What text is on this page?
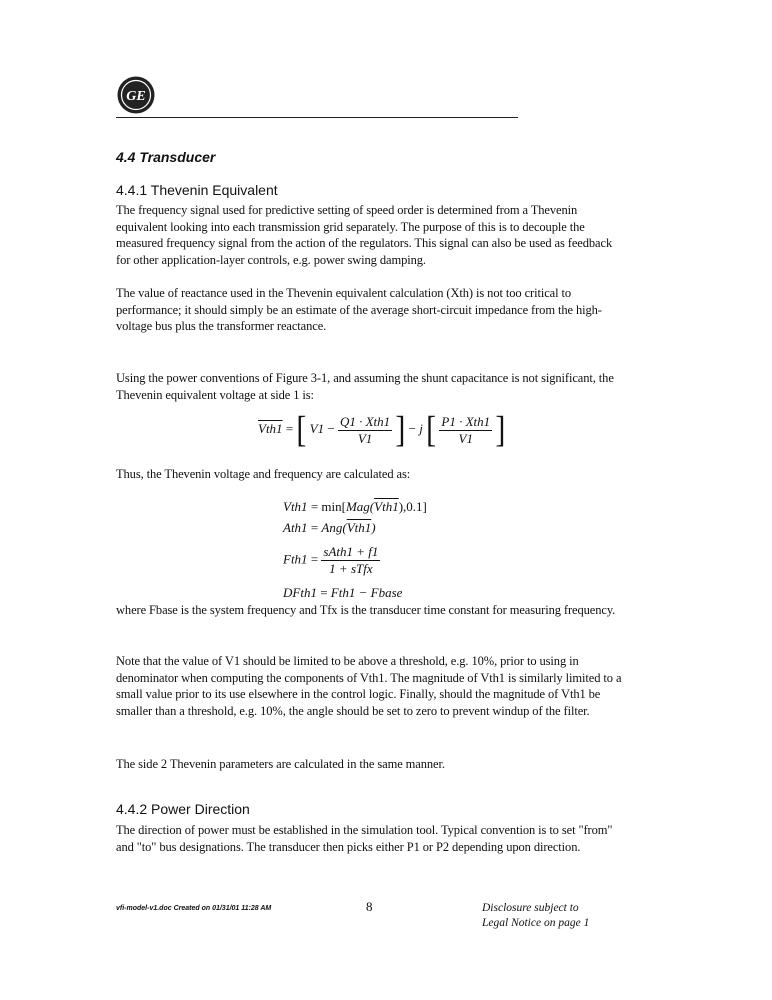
GE
4.4 Transducer
4.4.1 Thevenin Equivalent

The frequency signal used for predictive setting of speed order is determined from a Thevenin equivalent looking into each transmission grid separately. The purpose of this is to decouple the measured frequency signal from the action of the regulators. This signal can also be used as feedback for other application-layer controls, e.g. power swing damping.

The value of reactance used in the Thevenin equivalent calculation (Xth) is not too critical to performance; it should simply be an estimate of the average short-circuit impedance from the high-voltage bus plus the transformer reactance.

Using the power conventions of Figure 3-1, and assuming the shunt capacitance is not significant, the Thevenin equivalent voltage at side 1 is:

Vth1 = [ $V1 - \frac{\text{Q1 · Xth1}}{V1}$ ] − j [ $\frac{\text{P1 · Xth1}}{V1}$ ]

Thus, the Thevenin voltage and frequency are calculated as:

Vth1 = min[Mag(Vth1),0.1]
Ath1 = Ang(Vth1)
$Fth1 = \frac{\text{sAth1 + f1}}{\text{1 + sTfx}}$
DFth1 = Fth1 − Fbase

where Fbase is the system frequency and Tfx is the transducer time constant for measuring frequency.

Note that the value of V1 should be limited to be above a threshold, e.g. 10%, prior to using in denominator when computing the components of Vth1. The magnitude of Vth1 is similarly limited to a small value prior to its use elsewhere in the control logic. Finally, should the magnitude of Vth1 be smaller than a threshold, e.g. 10%, the angle should be set to zero to prevent windup of the filter.

The side 2 Thevenin parameters are calculated in the same manner.

4.4.2 Power Direction

The direction of power must be established in the simulation tool. Typical convention is to set "from" and "to" bus designations. The transducer then picks either P1 or P2 depending upon direction.

vfi-model-v1.doc Created on 01/31/01 11:28 AM	8	Disclosure subject to
Legal Notice on page 1
